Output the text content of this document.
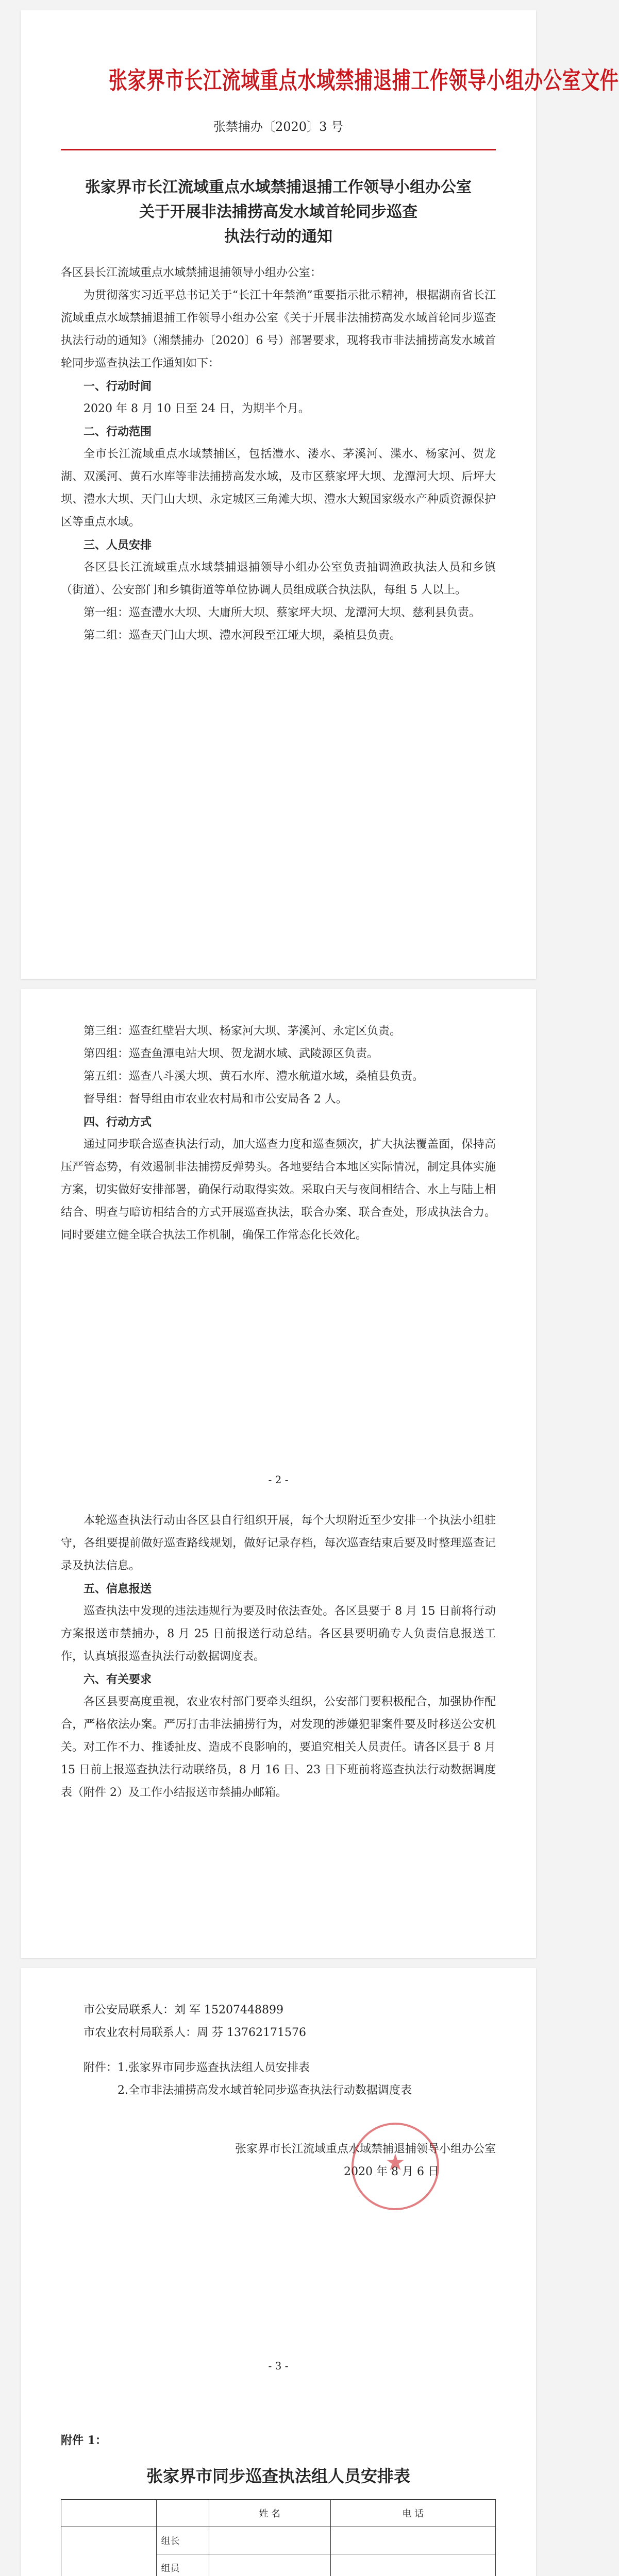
张家界市长江流域重点水域禁捕退捕工作领导小组办公室文件
张禁捕办〔2020〕3 号
张家界市长江流域重点水域禁捕退捕工作领导小组办公室
关于开展非法捕捞高发水域首轮同步巡查
执法行动的通知

各区县长江流域重点水域禁捕退捕领导小组办公室：

为贯彻落实习近平总书记关于“长江十年禁渔”重要指示批示精神，根据湖南省长江流域重点水域禁捕退捕工作领导小组办公室《关于开展非法捕捞高发水域首轮同步巡查执法行动的通知》（湘禁捕办〔2020〕6 号）部署要求，现将我市非法捕捞高发水域首轮同步巡查执法工作通知如下：

一、行动时间

2020 年 8 月 10 日至 24 日，为期半个月。

二、行动范围

全市长江流域重点水域禁捕区，包括澧水、溇水、茅溪河、渫水、杨家河、贺龙湖、双溪河、黄石水库等非法捕捞高发水域，及市区蔡家坪大坝、龙潭河大坝、后坪大坝、澧水大坝、天门山大坝、永定城区三角滩大坝、澧水大鲵国家级水产种质资源保护区等重点水域。

三、人员安排

各区县长江流域重点水域禁捕退捕领导小组办公室负责抽调渔政执法人员和乡镇（街道）、公安部门和乡镇街道等单位协调人员组成联合执法队，每组 5 人以上。

第一组：巡查澧水大坝、大庸所大坝、蔡家坪大坝、龙潭河大坝、慈利县负责。

第二组：巡查天门山大坝、澧水河段至江垭大坝，桑植县负责。

第三组：巡查红壁岩大坝、杨家河大坝、茅溪河、永定区负责。

第四组：巡查鱼潭电站大坝、贺龙湖水域、武陵源区负责。

第五组：巡查八斗溪大坝、黄石水库、澧水航道水域，桑植县负责。

督导组：督导组由市农业农村局和市公安局各 2 人。

四、行动方式

通过同步联合巡查执法行动，加大巡查力度和巡查频次，扩大执法覆盖面，保持高压严管态势，有效遏制非法捕捞反弹势头。各地要结合本地区实际情况，制定具体实施方案，切实做好安排部署，确保行动取得实效。采取白天与夜间相结合、水上与陆上相结合、明查与暗访相结合的方式开展巡查执法，联合办案、联合查处，形成执法合力。同时要建立健全联合执法工作机制，确保工作常态化长效化。

- 2 -

本轮巡查执法行动由各区县自行组织开展，每个大坝附近至少安排一个执法小组驻守，各组要提前做好巡查路线规划，做好记录存档，每次巡查结束后要及时整理巡查记录及执法信息。

五、信息报送

巡查执法中发现的违法违规行为要及时依法查处。各区县要于 8 月 15 日前将行动方案报送市禁捕办，8 月 25 日前报送行动总结。各区县要明确专人负责信息报送工作，认真填报巡查执法行动数据调度表。

六、有关要求

各区县要高度重视，农业农村部门要牵头组织，公安部门要积极配合，加强协作配合，严格依法办案。严厉打击非法捕捞行为，对发现的涉嫌犯罪案件要及时移送公安机关。对工作不力、推诿扯皮、造成不良影响的，要追究相关人员责任。请各区县于 8 月 15 日前上报巡查执法行动联络员，8 月 16 日、23 日下班前将巡查执法行动数据调度表（附件 2）及工作小结报送市禁捕办邮箱。

市公安局联系人：刘 军 15207448899

市农业农村局联系人：周 芬 13762171576

附件：1.张家界市同步巡查执法组人员安排表

2.全市非法捕捞高发水域首轮同步巡查执法行动数据调度表

★
张家界市长江流域重点水域禁捕退捕领导小组办公室
2020 年 8 月 6 日
- 3 -
附件 1：
张家界市同步巡查执法组人员安排表
		姓 名	电 话
	组长		
	组员		
